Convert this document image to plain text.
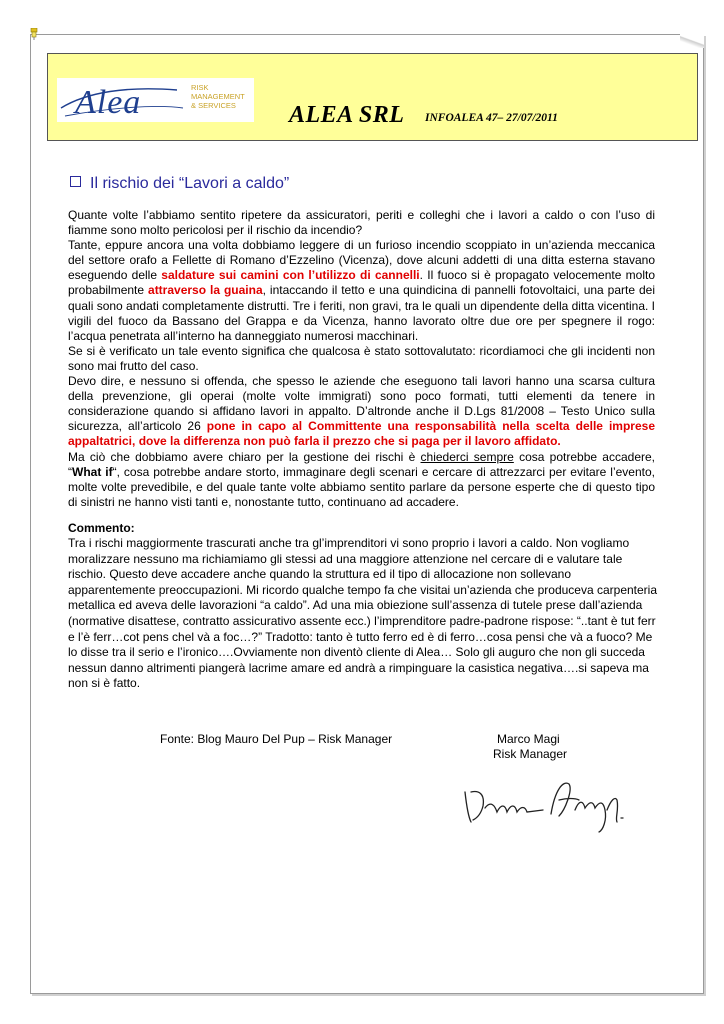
Alea	RISK
MANAGEMENT
& SERVICES ALEA SRL INFOALEA 47– 27/07/2011
Il rischio dei “Lavori a caldo”

Quante volte l’abbiamo sentito ripetere da assicuratori, periti e colleghi che i lavori a caldo o con l’uso di fiamme sono molto pericolosi per il rischio da incendio?

Tante, eppure ancora una volta dobbiamo leggere di un furioso incendio scoppiato in un’azienda meccanica del settore orafo a Fellette di Romano d’Ezzelino (Vicenza), dove alcuni addetti di una ditta esterna stavano eseguendo delle saldature sui camini con l’utilizzo di cannelli. Il fuoco si è propagato velocemente molto probabilmente attraverso la guaina, intaccando il tetto e una quindicina di pannelli fotovoltaici, una parte dei quali sono andati completamente distrutti. Tre i feriti, non gravi, tra le quali un dipendente della ditta vicentina. I vigili del fuoco da Bassano del Grappa e da Vicenza, hanno lavorato oltre due ore per spegnere il rogo: l’acqua penetrata all’interno ha danneggiato numerosi macchinari.

Se si è verificato un tale evento significa che qualcosa è stato sottovalutato: ricordiamoci che gli incidenti non sono mai frutto del caso.

Devo dire, e nessuno si offenda, che spesso le aziende che eseguono tali lavori hanno una scarsa cultura della prevenzione, gli operai (molte volte immigrati) sono poco formati, tutti elementi da tenere in considerazione quando si affidano lavori in appalto. D’altronde anche il D.Lgs 81/2008 – Testo Unico sulla sicurezza, all’articolo 26 pone in capo al Committente una responsabilità nella scelta delle imprese appaltatrici, dove la differenza non può farla il prezzo che si paga per il lavoro affidato.

Ma ciò che dobbiamo avere chiaro per la gestione dei rischi è chiederci sempre cosa potrebbe accadere, “What if“, cosa potrebbe andare storto, immaginare degli scenari e cercare di attrezzarci per evitare l’evento, molte volte prevedibile, e del quale tante volte abbiamo sentito parlare da persone esperte che di questo tipo di sinistri ne hanno visti tanti e, nonostante tutto, continuano ad accadere.

Commento:
Tra i rischi maggiormente trascurati anche tra gl’imprenditori vi sono proprio i lavori a caldo. Non vogliamo moralizzare nessuno ma richiamiamo gli stessi ad una maggiore attenzione nel cercare di e valutare tale rischio. Questo deve accadere anche quando la struttura ed il tipo di allocazione non sollevano apparentemente preoccupazioni. Mi ricordo qualche tempo fa che visitai un’azienda che produceva carpenteria metallica ed aveva delle lavorazioni “a caldo”. Ad una mia obiezione sull’assenza di tutele prese dall’azienda (normative disattese, contratto assicurativo assente ecc.) l’imprenditore padre-padrone rispose: “..tant è tut ferr e l’è ferr…cot pens chel và a foc…?” Tradotto: tanto è tutto ferro ed è di ferro…cosa pensi che và a fuoco? Me lo disse tra il serio e l’ironico….Ovviamente non diventò cliente di Alea… Solo gli auguro che non gli succeda nessun danno altrimenti piangerà lacrime amare ed andrà a rimpinguare la casistica negativa….si sapeva ma non si è fatto.
Fonte: Blog Mauro Del Pup – Risk Manager	Marco Magi
Risk Manager
